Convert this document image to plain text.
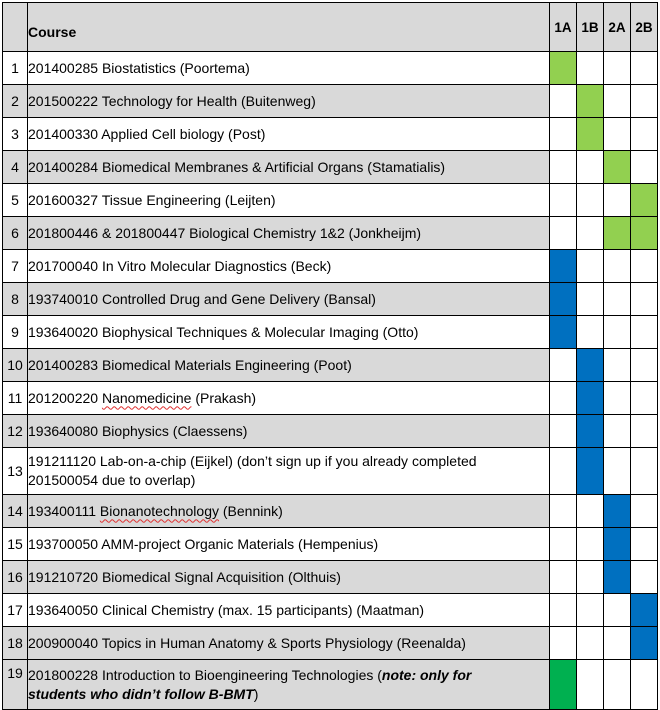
	Course	1A	1B	2A	2B
1	201400285 Biostatistics (Poortema)				
2	201500222 Technology for Health (Buitenweg)				
3	201400330 Applied Cell biology (Post)				
4	201400284 Biomedical Membranes & Artificial Organs (Stamatialis)				
5	201600327 Tissue Engineering (Leijten)				
6	201800446 & 201800447 Biological Chemistry 1&2 (Jonkheijm)				
7	201700040 In Vitro Molecular Diagnostics (Beck)				
8	193740010 Controlled Drug and Gene Delivery (Bansal)				
9	193640020 Biophysical Techniques & Molecular Imaging (Otto)				
10	201400283 Biomedical Materials Engineering (Poot)				
11	201200220 Nanomedicine (Prakash)				
12	193640080 Biophysics (Claessens)				
13	191211120 Lab-on-a-chip (Eijkel) (don’t sign up if you already completed
201500054 due to overlap)				
14	193400111 Bionanotechnology (Bennink)				
15	193700050 AMM-project Organic Materials (Hempenius)				
16	191210720 Biomedical Signal Acquisition (Olthuis)				
17	193640050 Clinical Chemistry (max. 15 participants) (Maatman)				
18	200900040 Topics in Human Anatomy & Sports Physiology (Reenalda)				
19	201800228 Introduction to Bioengineering Technologies (note: only for
students who didn’t follow B-BMT)				
